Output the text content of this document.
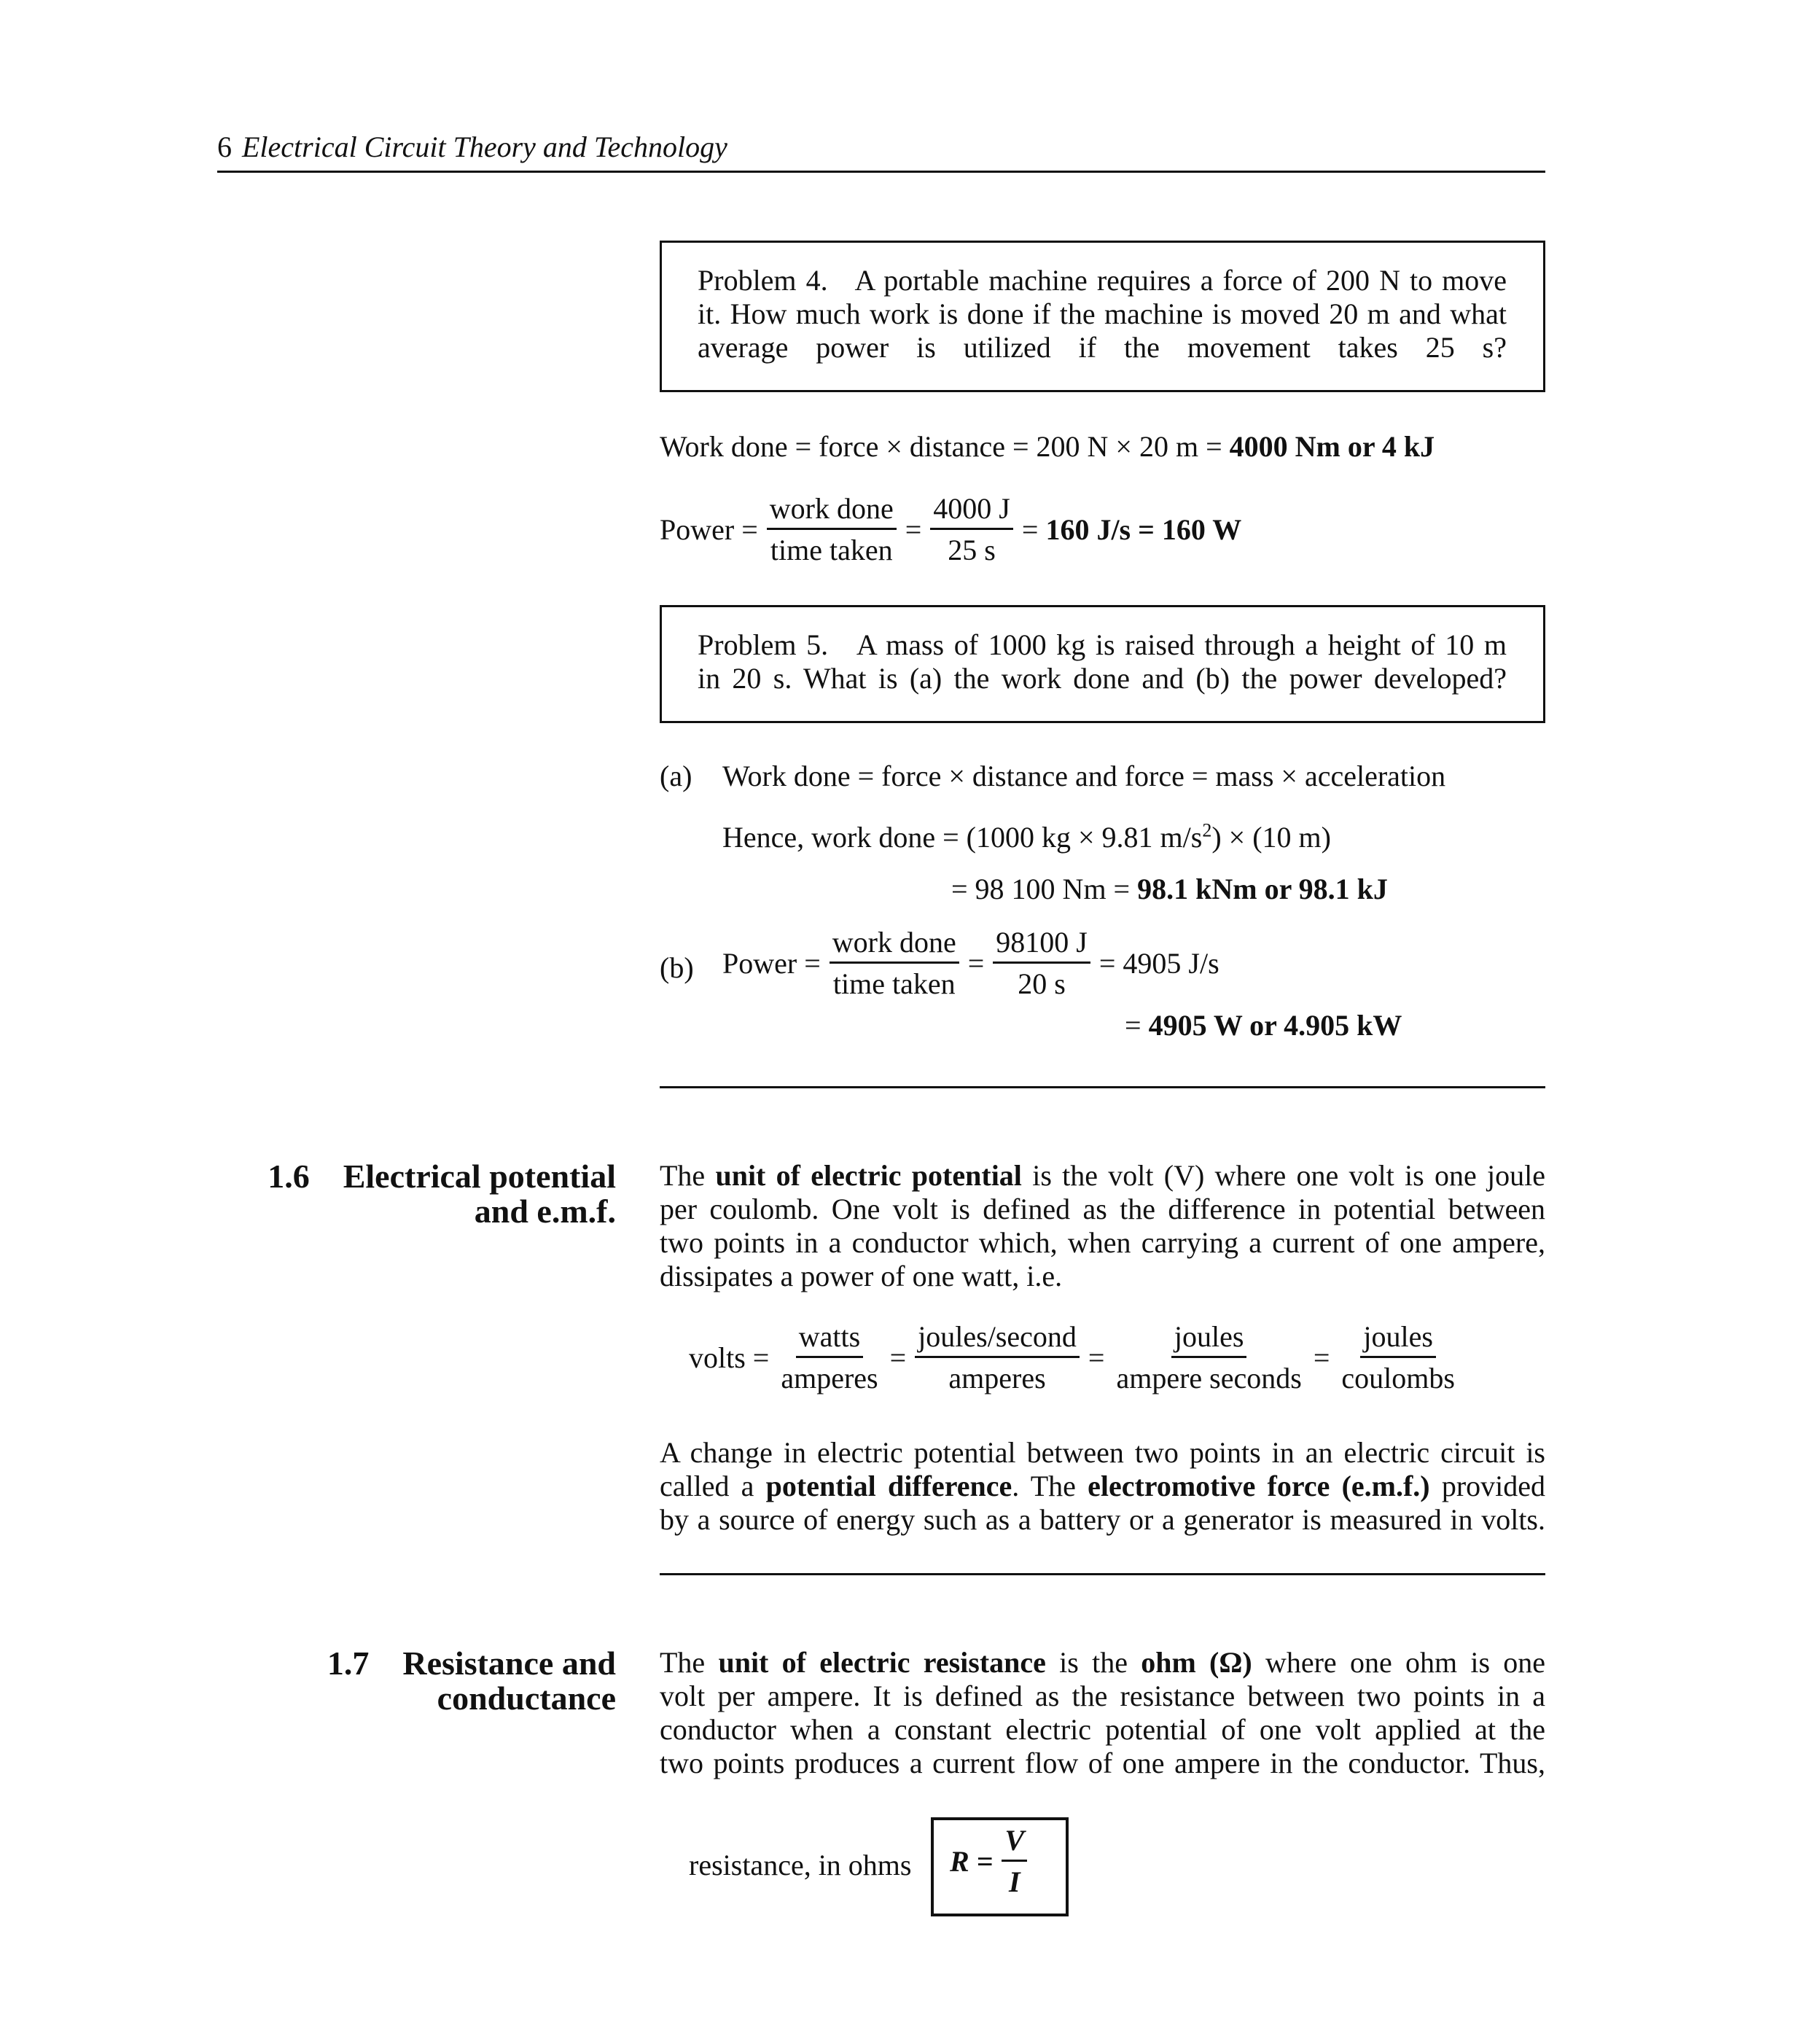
6 Electrical Circuit Theory and Technology
Problem 4. A portable machine requires a force of 200 N to move
it. How much work is done if the machine is moved 20 m and what
average power is utilized if the movement takes 25 s?
Work done = force × distance = 200 N × 20 m = 4000 Nm or 4 kJ
Power = $\frac{\text{work done}}{\text{time taken}} = \frac{4000 J}{25 s}$ =
160 J/s = 160 W
Problem 5. A mass of 1000 kg is raised through a height of 10 m
in 20 s. What is (a) the work done and (b) the power developed?
(a) Work done = force × distance and force = mass × acceleration
Hence, work done = (1000 kg × 9.81 $m/s^2) \times (10$ m)
= 98 100 Nm = 98.1 kNm or 98.1 kJ
(b) Power = $\frac{\text{work done}}{\text{time taken}} = \frac{98100 J}{20 s} = 4905$ J/s
= 4905 W or 4.905 kW
1.6 Electrical potential
and e.m.f.
The unit of electric potential is the volt (V) where one volt is one joule
per coulomb. One volt is defined as the difference in potential between
two points in a conductor which, when carrying a current of one ampere,
dissipates a power of one watt, i.e.
volts = $\frac{\text{watts}}{\text{amperes}} = \frac{\text{joules/second}}{\text{amperes}} = \frac{\text{joules}}{\text{ampere seconds}} = \frac{\text{joules}}{\text{coulombs}}$
A change in electric potential between two points in an electric circuit is
called a potential difference. The electromotive force (e.m.f.) provided
by a source of energy such as a battery or a generator is measured in volts.
1.7 Resistance and
conductance
The unit of electric resistance is the ohm (Ω) where one ohm is one
volt per ampere. It is defined as the resistance between two points in a
conductor when a constant electric potential of one volt applied at the
two points produces a current flow of one ampere in the conductor. Thus,
resistance, in ohms $R = \frac{V}{I}$
